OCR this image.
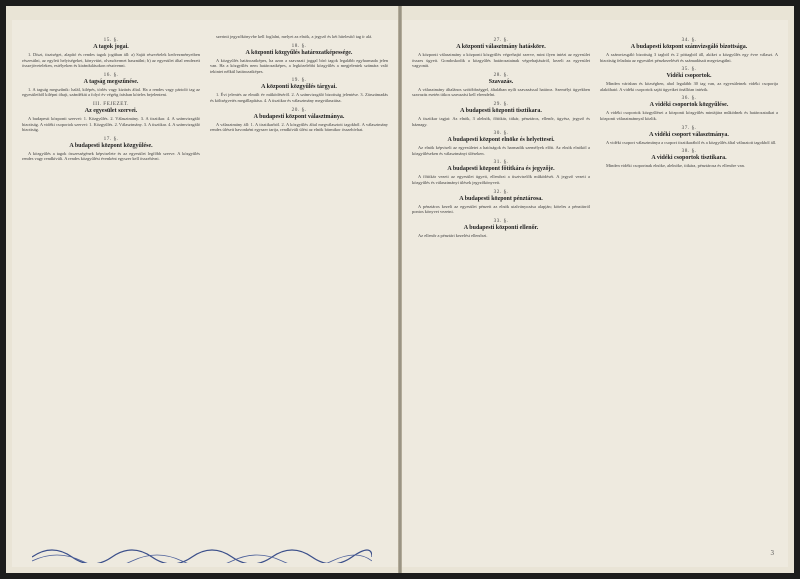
15. §.
A tagok jogai.
1. Díszt, tisztséget, alapító és rendes tagok jogában áll: a) Saját részvételek kedvezményeiben részesülni, az egyleti helyiségeket, könyvtárt, olvasótermet használni; b) az egyesület által rendezett összejöveteleken, estélyeken és kirándulásokon résztvenni.
16. §.
A tagság megszűnése.
1. A tagság megszűnik: halál, kilépés, törlés vagy kizárás által. Ha a rendes vagy pártoló tag az egyesületből kilépni óhajt, szándékát a folyó év végéig írásban köteles bejelenteni.
III. FEJEZET.
Az egyesület szervei.
A budapesti központi szervei: 1. Közgyűlés. 2. Választmány. 3. A tisztikar. 4. A számvizsgáló bizottság. A vidéki csoportok szervei: 1. Közgyűlés. 2. Választmány. 3. A tisztikar. 4. A számvizsgáló bizottság.
17. §.
A budapesti központ közgyűlése.
A közgyűlés a tagok összességének képviselete és az egyesület legfőbb szerve. A közgyűlés rendes vagy rendkívüli. A rendes közgyűlést évenként egyszer kell összehívni.
szerinti jegyzőkönyvbe kell foglalni, melyet az elnök, a jegyző és két hitelesítő tag ír alá.
18. §.
A központi közgyűlés határozatképessége.
A közgyűlés határozatképes, ha azon a szavazati joggal bíró tagok legalább egyharmada jelen van. Ha a közgyűlés nem határozatképes, a legközelebbi közgyűlés a megjelentek számára való tekintet nélkül határozatképes.
19. §.
A központi közgyűlés tárgyai.
1. Évi jelentés az elmúlt év működéséről. 2. A számvizsgáló bizottság jelentése. 3. Zárszámadás és költségvetés megállapítása. 4. A tisztikar és választmány megválasztása.
20. §.
A budapesti központ választmánya.
A választmány áll: 1. A tisztikarból. 2. A közgyűlés által megválasztott tagokból. A választmány rendes üléseit havonként egyszer tartja, rendkívüli ülést az elnök bármikor összehívhat.
27. §.
A központi választmány hatásköre.
A központi választmány a központi közgyűlés végrehajtó szerve, mint ilyen intézi az egyesület összes ügyeit. Gondoskodik a közgyűlés határozatainak végrehajtásáról, kezeli az egyesület vagyonát.
28. §.
Szavazás.
A választmány általános szótöbbséggel, általában nyílt szavazással határoz. Személyi ügyekben szavazás esetén titkos szavazást kell elrendelni.
29. §.
A budapesti központi tisztikara.
A tisztikar tagjai: Az elnök, 3 alelnök, főtitkár, titkár, pénztáros, ellenőr, ügyész, jegyző és háznagy.
30. §.
A budapesti központ elnöke és helyettesei.
Az elnök képviseli az egyesületet a hatóságok és harmadik személyek előtt. Az elnök elnököl a közgyűléseken és választmányi üléseken.
31. §.
A budapesti központ főtitkára és jegyzője.
A főtitkár vezeti az egyesület ügyeit, ellenőrzi a tisztviselők működését. A jegyző vezeti a közgyűlés és választmányi ülések jegyzőkönyveit.
32. §.
A budapesti központ pénztárosa.
A pénztáros kezeli az egyesület pénzeit az elnök utalványozása alapján; köteles a pénztárról pontos könyvet vezetni.
33. §.
A budapesti központi ellenőr.
Az ellenőr a pénztári kezelést ellenőrzi.
34. §.
A budapesti központ számvizsgáló bizottsága.
A számvizsgáló bizottság 3 tagból és 2 póttagból áll, akiket a közgyűlés egy évre választ. A bizottság feladata az egyesület pénzkezelését és számadásait megvizsgálni.
35. §.
Vidéki csoportok.
Minden várisban és községben, ahol legalább 30 tag van, az egyesületnek vidéki csoportja alakítható. A vidéki csoportok saját ügyeiket önállóan intézik.
36. §.
A vidéki csoportok közgyűlése.
A vidéki csoportok közgyűlései a központi közgyűlés mintájára működnek és határozataikat a központi választmánnyal közlik.
37. §.
A vidéki csoport választmánya.
A vidéki csoport választmánya a csoport tisztikarából és a közgyűlés által választott tagokból áll.
38. §.
A vidéki csoportok tisztikara.
Minden vidéki csoportnak elnöke, alelnöke, titkára, pénztárosa és ellenőre van.
3
